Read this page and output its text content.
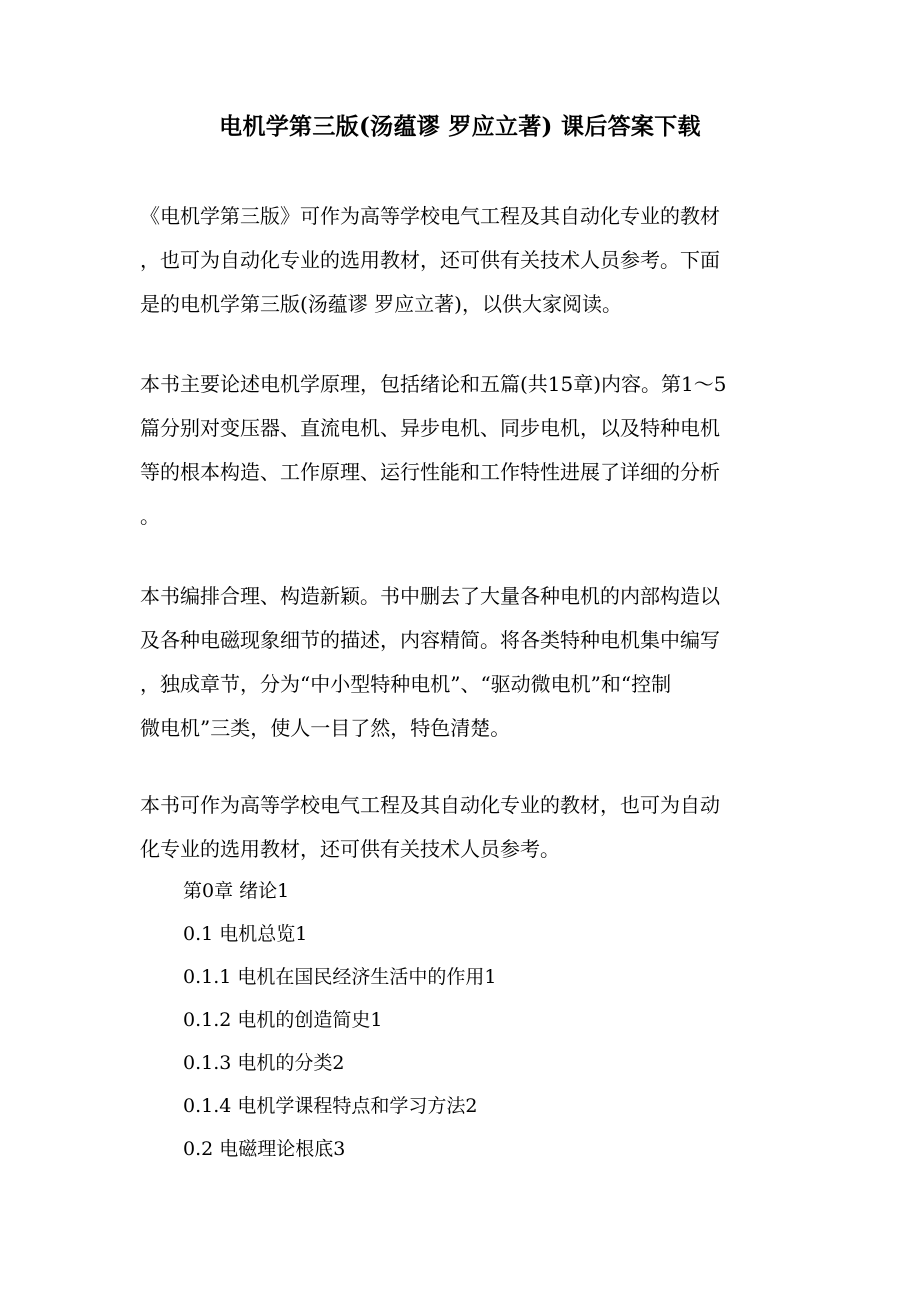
电机学第三版(汤蕴谬 罗应立著) 课后答案下载
《电机学第三版》可作为高等学校电气工程及其自动化专业的教材
，也可为自动化专业的选用教材，还可供有关技术人员参考。下面
是的电机学第三版(汤蕴谬 罗应立著)，以供大家阅读。
本书主要论述电机学原理，包括绪论和五篇(共15章)内容。第1～5
篇分别对变压器、直流电机、异步电机、同步电机，以及特种电机
等的根本构造、工作原理、运行性能和工作特性进展了详细的分析
。
本书编排合理、构造新颖。书中删去了大量各种电机的内部构造以
及各种电磁现象细节的描述，内容精简。将各类特种电机集中编写
，独成章节，分为“中小型特种电机”、“驱动微电机”和“控制
微电机”三类，使人一目了然，特色清楚。
本书可作为高等学校电气工程及其自动化专业的教材，也可为自动
化专业的选用教材，还可供有关技术人员参考。
第0章 绪论1
0.1 电机总览1
0.1.1 电机在国民经济生活中的作用1
0.1.2 电机的创造简史1
0.1.3 电机的分类2
0.1.4 电机学课程特点和学习方法2
0.2 电磁理论根底3
